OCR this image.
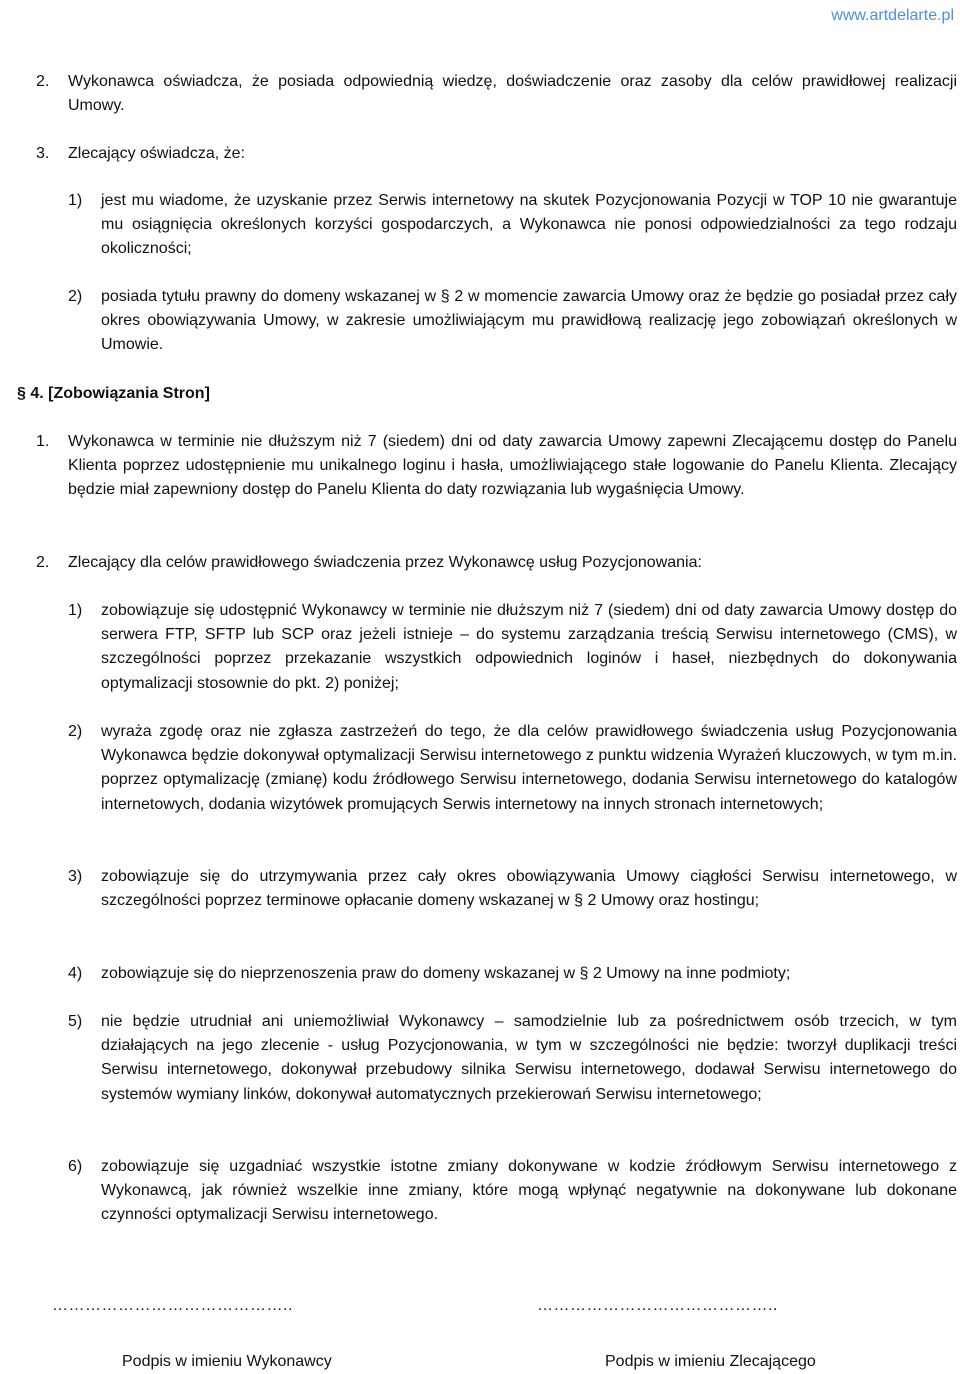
www.artdelarte.pl
2. Wykonawca oświadcza, że posiada odpowiednią wiedzę, doświadczenie oraz zasoby dla celów prawidłowej realizacji Umowy.
3. Zlecający oświadcza, że:
1) jest mu wiadome, że uzyskanie przez Serwis internetowy na skutek Pozycjonowania Pozycji w TOP 10 nie gwarantuje mu osiągnięcia określonych korzyści gospodarczych, a Wykonawca nie ponosi odpowiedzialności za tego rodzaju okoliczności;
2) posiada tytułu prawny do domeny wskazanej w § 2 w momencie zawarcia Umowy oraz że będzie go posiadał przez cały okres obowiązywania Umowy, w zakresie umożliwiającym mu prawidłową realizację jego zobowiązań określonych w Umowie.
§ 4. [Zobowiązania Stron]
1. Wykonawca w terminie nie dłuższym niż 7 (siedem) dni od daty zawarcia Umowy zapewni Zlecającemu dostęp do Panelu Klienta poprzez udostępnienie mu unikalnego loginu i hasła, umożliwiającego stałe logowanie do Panelu Klienta. Zlecający będzie miał zapewniony dostęp do Panelu Klienta do daty rozwiązania lub wygaśnięcia Umowy.
2. Zlecający dla celów prawidłowego świadczenia przez Wykonawcę usług Pozycjonowania:
1) zobowiązuje się udostępnić Wykonawcy w terminie nie dłuższym niż 7 (siedem) dni od daty zawarcia Umowy dostęp do serwera FTP, SFTP lub SCP oraz jeżeli istnieje – do systemu zarządzania treścią Serwisu internetowego (CMS), w szczególności poprzez przekazanie wszystkich odpowiednich loginów i haseł, niezbędnych do dokonywania optymalizacji stosownie do pkt. 2) poniżej;
2) wyraża zgodę oraz nie zgłasza zastrzeżeń do tego, że dla celów prawidłowego świadczenia usług Pozycjonowania Wykonawca będzie dokonywał optymalizacji Serwisu internetowego z punktu widzenia Wyrażeń kluczowych, w tym m.in. poprzez optymalizację (zmianę) kodu źródłowego Serwisu internetowego, dodania Serwisu internetowego do katalogów internetowych, dodania wizytówek promujących Serwis internetowy na innych stronach internetowych;
3) zobowiązuje się do utrzymywania przez cały okres obowiązywania Umowy ciągłości Serwisu internetowego, w szczególności poprzez terminowe opłacanie domeny wskazanej w § 2 Umowy oraz hostingu;
4) zobowiązuje się do nieprzenoszenia praw do domeny wskazanej w § 2 Umowy na inne podmioty;
5) nie będzie utrudniał ani uniemożliwiał Wykonawcy – samodzielnie lub za pośrednictwem osób trzecich, w tym działających na jego zlecenie - usług Pozycjonowania, w tym w szczególności nie będzie: tworzył duplikacji treści Serwisu internetowego, dokonywał przebudowy silnika Serwisu internetowego, dodawał Serwisu internetowego do systemów wymiany linków, dokonywał automatycznych przekierowań Serwisu internetowego;
6) zobowiązuje się uzgadniać wszystkie istotne zmiany dokonywane w kodzie źródłowym Serwisu internetowego z Wykonawcą, jak również wszelkie inne zmiany, które mogą wpłynąć negatywnie na dokonywane lub dokonane czynności optymalizacji Serwisu internetowego.
……………………………………..	……………………………………..
Podpis w imieniu Wykonawcy	Podpis w imieniu Zlecającego
